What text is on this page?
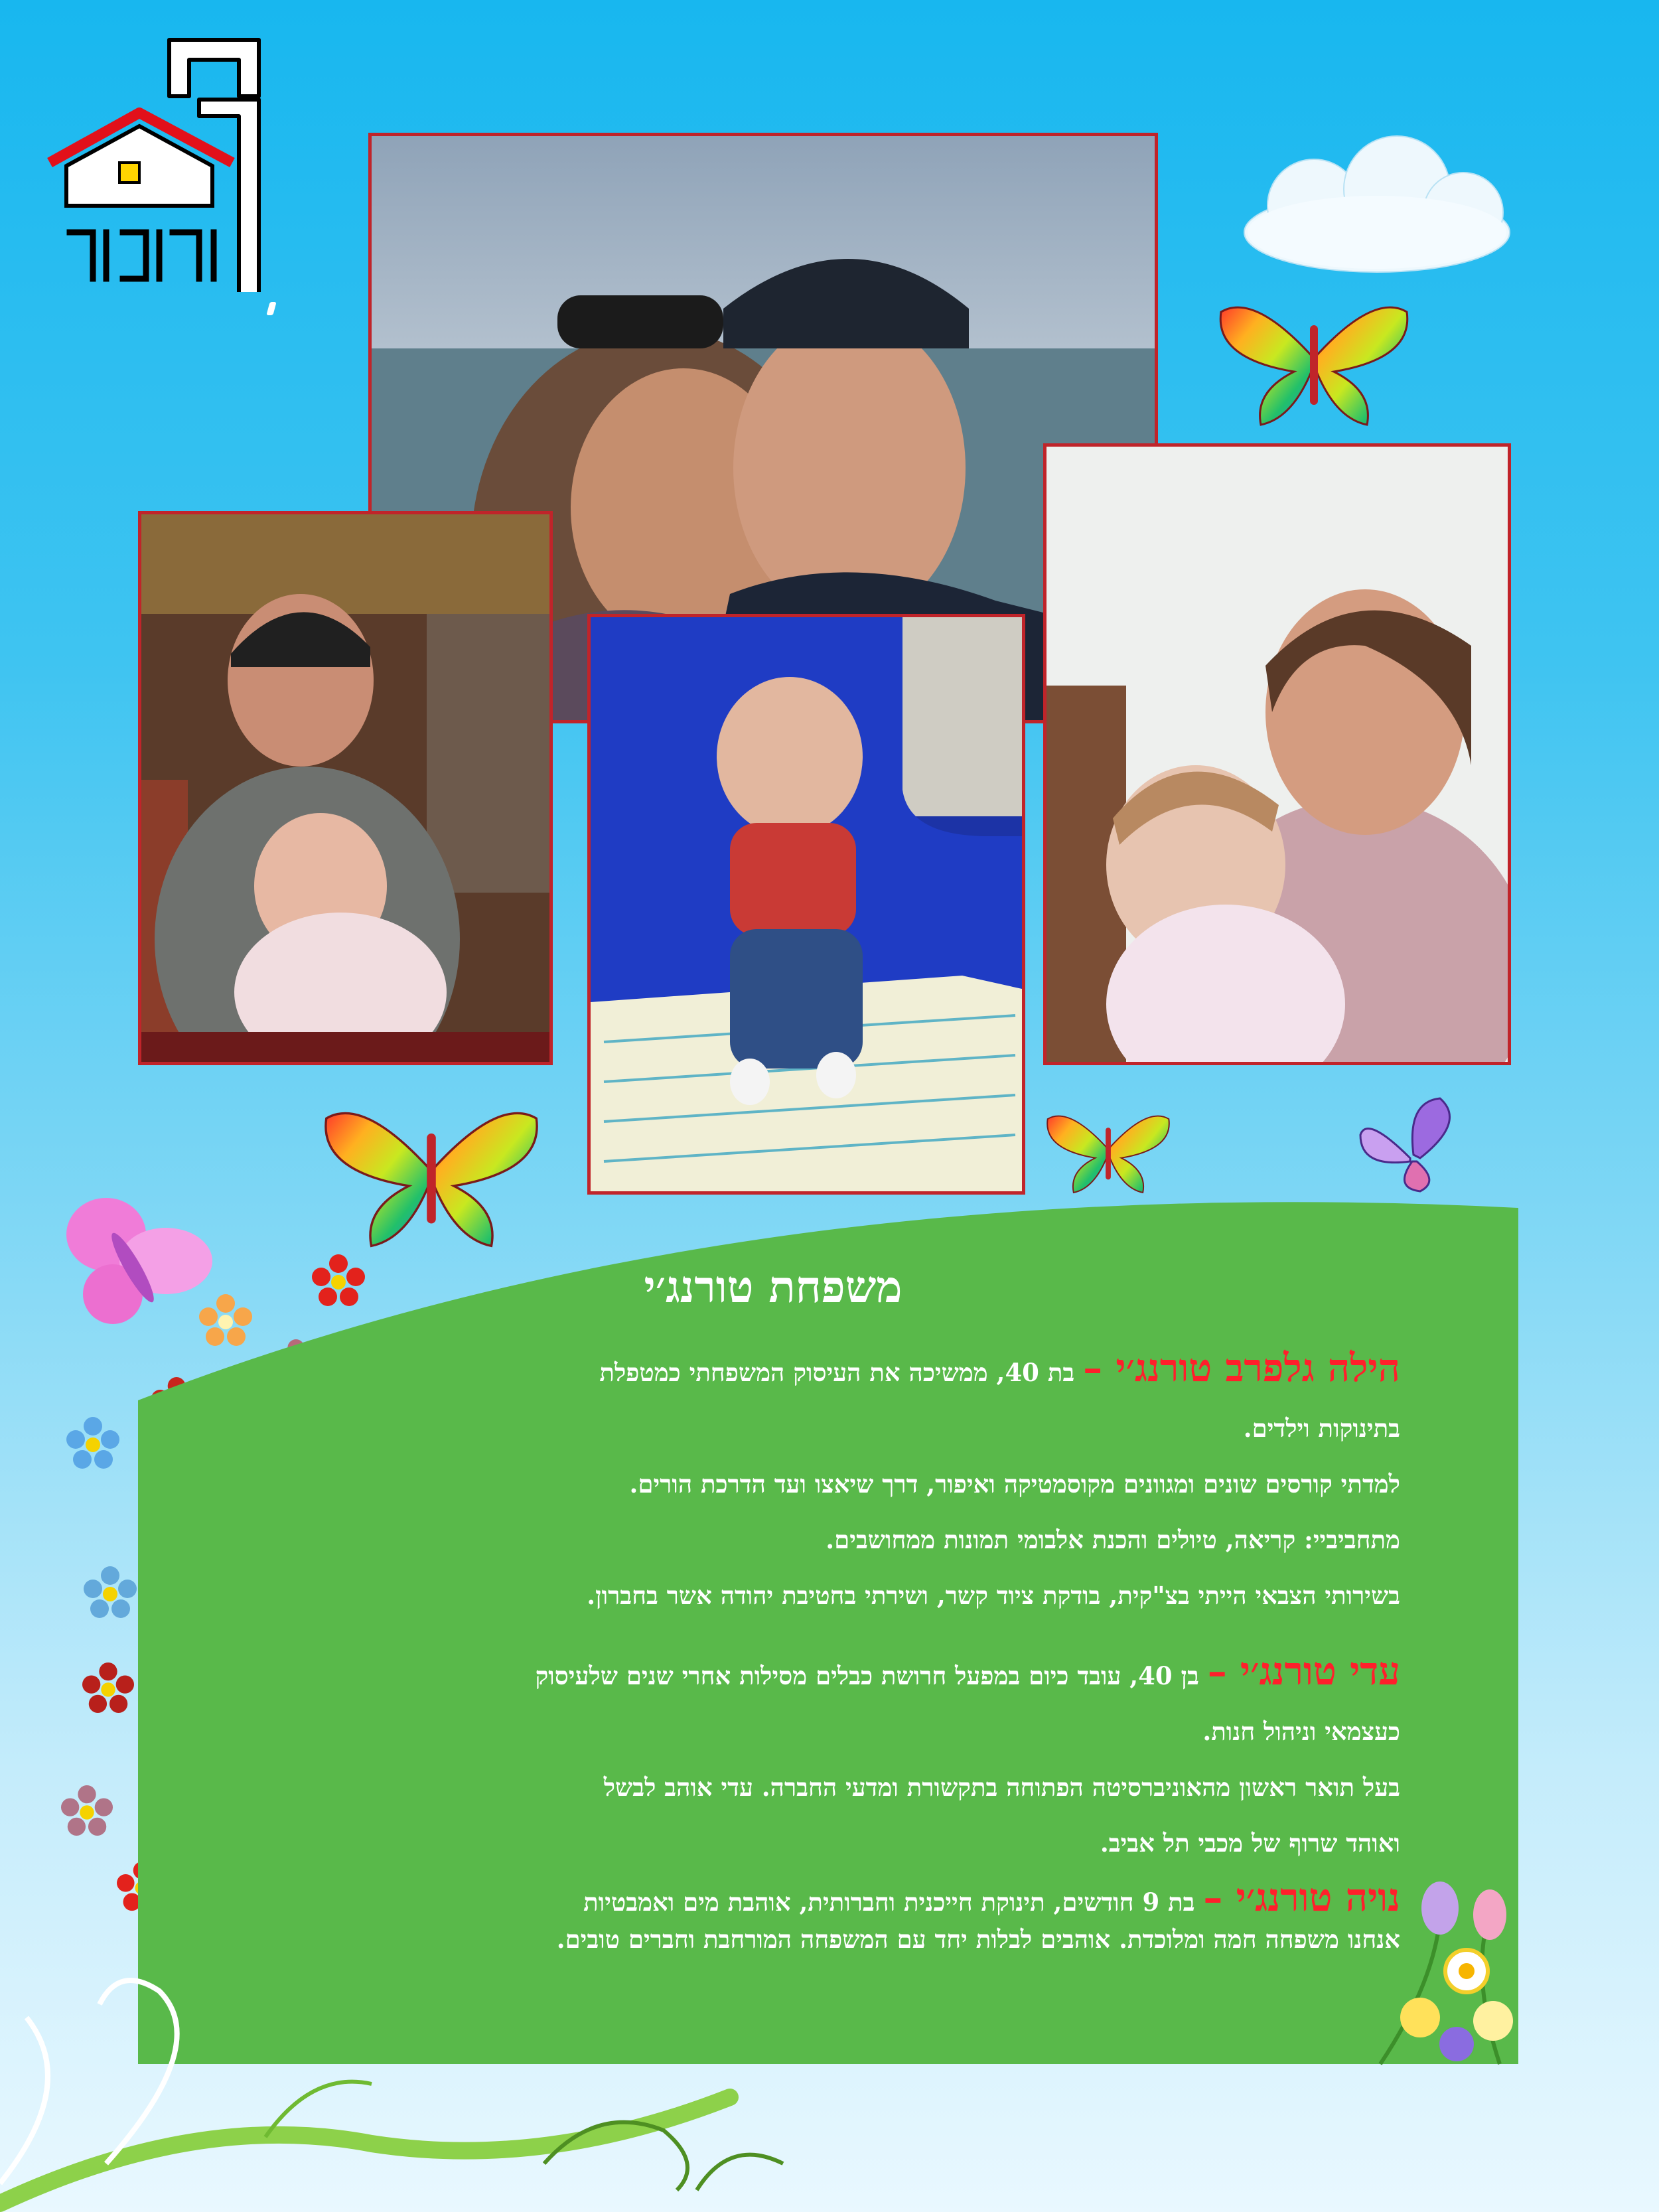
משפחת טורנג׳י

הילה גלפרב טורנג׳י – בת 40, ממשיכה את העיסוק המשפחתי כמטפלת
בתינוקות וילדים.
למדתי קורסים שונים ומגוונים מקוסמטיקה ואיפור, דרך שיאצו ועד הדרכת הורים.
מתחביביי: קריאה, טיולים והכנת אלבומי תמונות ממחושבים.
בשירותי הצבאי הייתי בצ"קית, בודקת ציוד קשר, ושירתי בחטיבת יהודה אשר בחברון.

עדי טורנג׳י – בן 40, עובד כיום במפעל חרושת כבלים מסילות אחרי שנים שלעיסוק
כעצמאי וניהול חנות.
בעל תואר ראשון מהאוניברסיטה הפתוחה בתקשורת ומדעי החברה. עדי אוהב לבשל
ואוהד שרוף של מכבי תל אביב.

נויה טורנג׳י – בת 9 חודשים, תינוקת חייכנית וחברותית, אוהבת מים ואמבטיות
אנחנו משפחה חמה ומלוכדת. אוהבים לבלות יחד עם המשפחה המורחבת וחברים טובים.
